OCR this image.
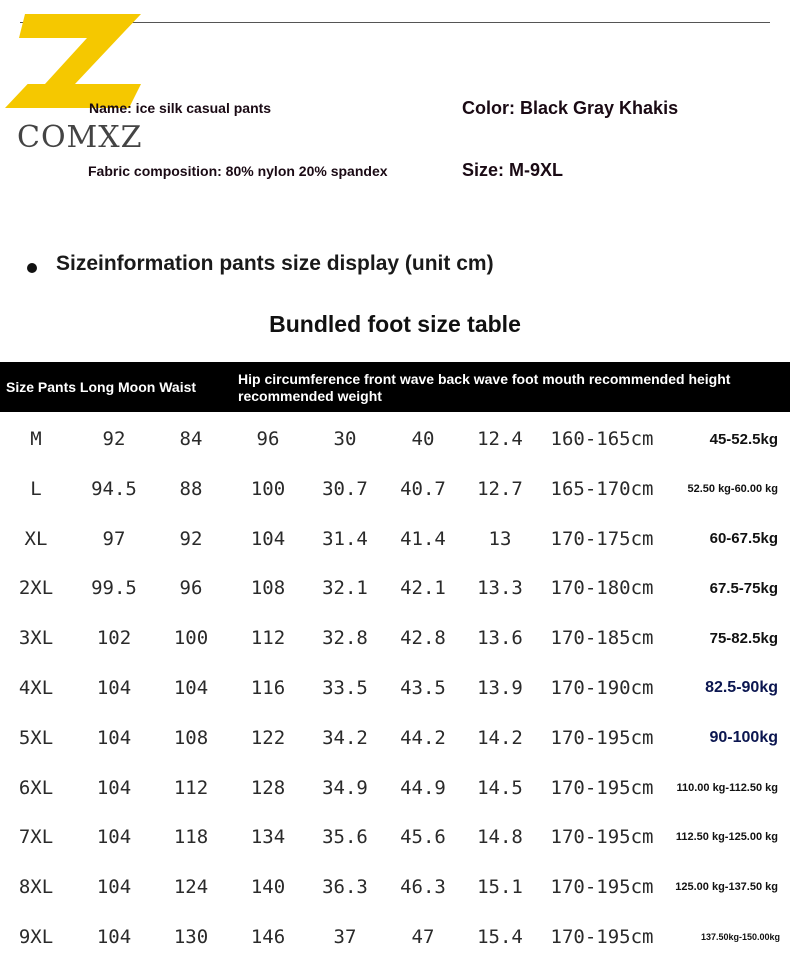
COMXZ
Name: ice silk casual pants	Color: Black Gray Khakis
Fabric composition: 80% nylon 20% spandex	Size: M-9XL
Sizeinformation pants size display (unit cm)
Bundled foot size table
Size Pants Long Moon Waist	Hip circumference front wave back wave foot mouth recommended height recommended weight
M	92	84	96	30	40	12.4	160-165cm	45-52.5kg
L	94.5	88	100	30.7	40.7	12.7	165-170cm	52.50 kg-60.00 kg
XL	97	92	104	31.4	41.4	13	170-175cm	60-67.5kg
2XL	99.5	96	108	32.1	42.1	13.3	170-180cm	67.5-75kg
3XL	102	100	112	32.8	42.8	13.6	170-185cm	75-82.5kg
4XL	104	104	116	33.5	43.5	13.9	170-190cm	82.5-90kg
5XL	104	108	122	34.2	44.2	14.2	170-195cm	90-100kg
6XL	104	112	128	34.9	44.9	14.5	170-195cm	110.00 kg-112.50 kg
7XL	104	118	134	35.6	45.6	14.8	170-195cm	112.50 kg-125.00 kg
8XL	104	124	140	36.3	46.3	15.1	170-195cm	125.00 kg-137.50 kg
9XL	104	130	146	37	47	15.4	170-195cm	137.50kg-150.00kg
